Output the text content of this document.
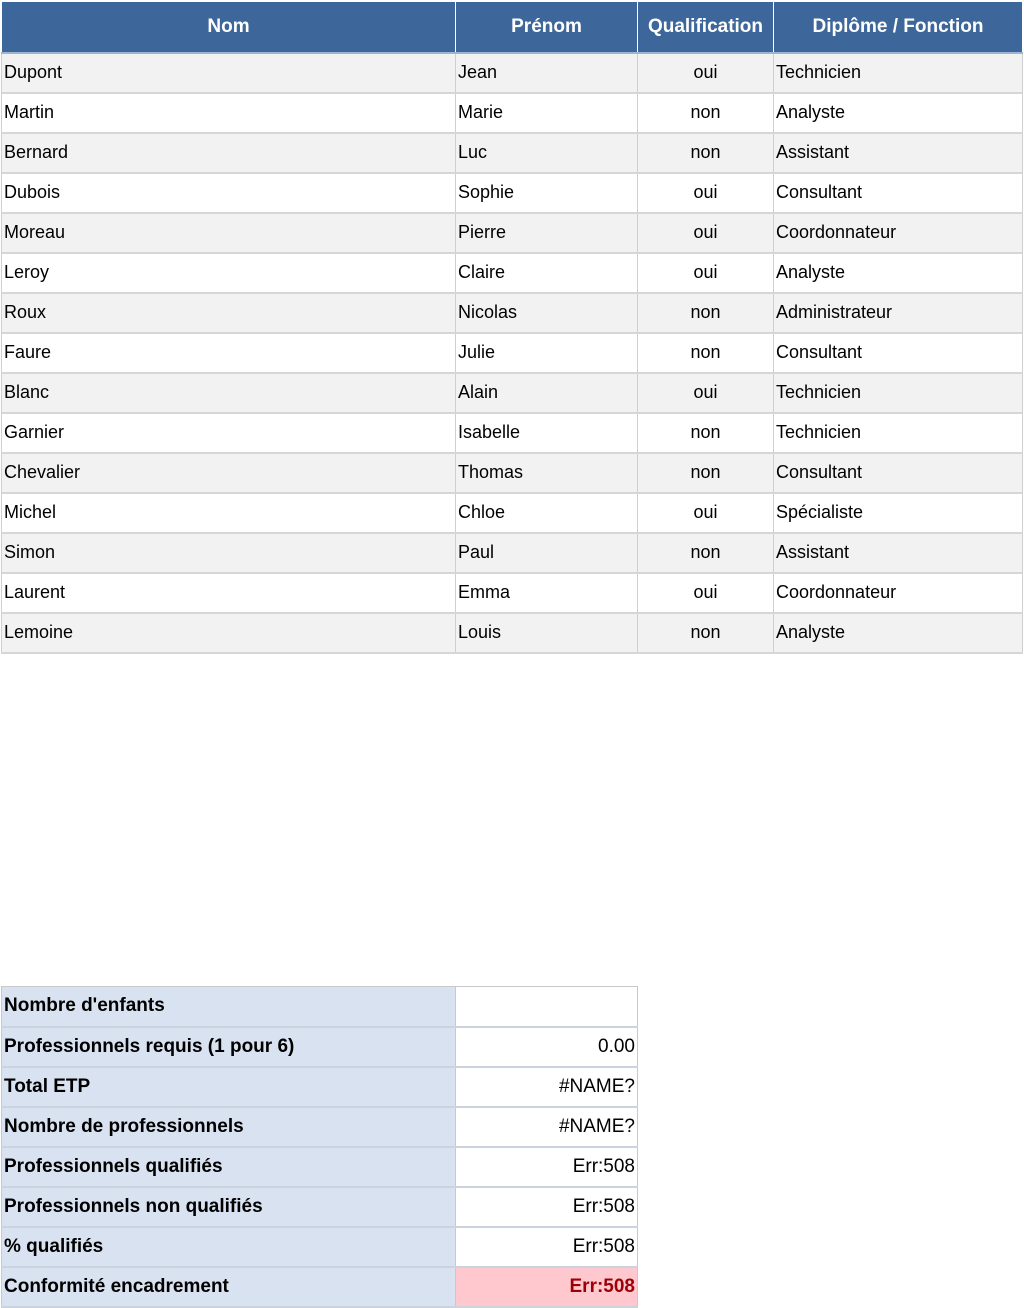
Nom	Prénom	Qualification	Diplôme / Fonction
Dupont	Jean	oui	Technicien
Martin	Marie	non	Analyste
Bernard	Luc	non	Assistant
Dubois	Sophie	oui	Consultant
Moreau	Pierre	oui	Coordonnateur
Leroy	Claire	oui	Analyste
Roux	Nicolas	non	Administrateur
Faure	Julie	non	Consultant
Blanc	Alain	oui	Technicien
Garnier	Isabelle	non	Technicien
Chevalier	Thomas	non	Consultant
Michel	Chloe	oui	Spécialiste
Simon	Paul	non	Assistant
Laurent	Emma	oui	Coordonnateur
Lemoine	Louis	non	Analyste
Nombre d'enfants	
Professionnels requis (1 pour 6)	0.00
Total ETP	#NAME?
Nombre de professionnels	#NAME?
Professionnels qualifiés	Err:508
Professionnels non qualifiés	Err:508
% qualifiés	Err:508
Conformité encadrement	Err:508
